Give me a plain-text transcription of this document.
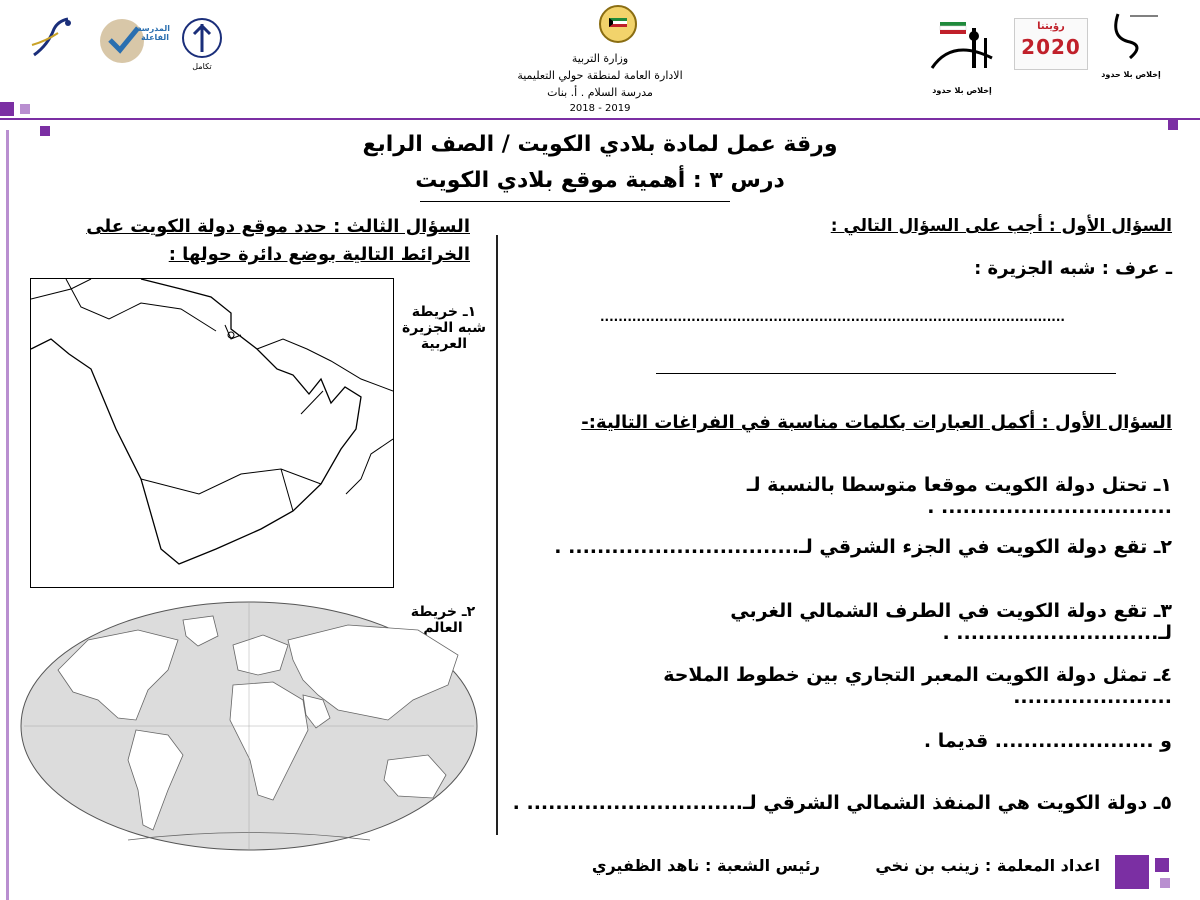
المدرسة الفاعلة
تكامل
وزارة التربية
الادارة العامة لمنطقة حولي التعليمية
مدرسة السلام . أ. بنات
2018 - 2019
إخلاص بلا حدود
رؤيتنا
2020
إخلاص بلا حدود
ورقة عمل لمادة بلادي الكويت / الصف الرابع
درس ٣ : أهمية موقع بلادي الكويت
السؤال الأول : أجب على السؤال التالي :
ـ عرف : شبه الجزيرة :
......................................................................................................
السؤال الأول : أكمل العبارات بكلمات مناسبة في الفراغات التالية:-
١ـ تحتل دولة الكويت موقعا متوسطا بالنسبة لـ ................................ .
٢ـ تقع دولة الكويت في الجزء الشرقي لـ................................ .
٣ـ تقع دولة الكويت في الطرف الشمالي الغربي لـ............................ .
٤ـ تمثل دولة الكويت المعبر التجاري بين خطوط الملاحة ......................
و ...................... قديما .
٥ـ دولة الكويت هي المنفذ الشمالي الشرقي لـ.............................. .
السؤال الثالث : حدد موقع دولة الكويت على
الخرائط التالية بوضع دائرة حولها :
١ـ خريطة
شبه الجزيرة
العربية
٢ـ خريطة
العالم
اعداد المعلمة : زينب بن نخي
رئيس الشعبة : ناهد الظفيري
